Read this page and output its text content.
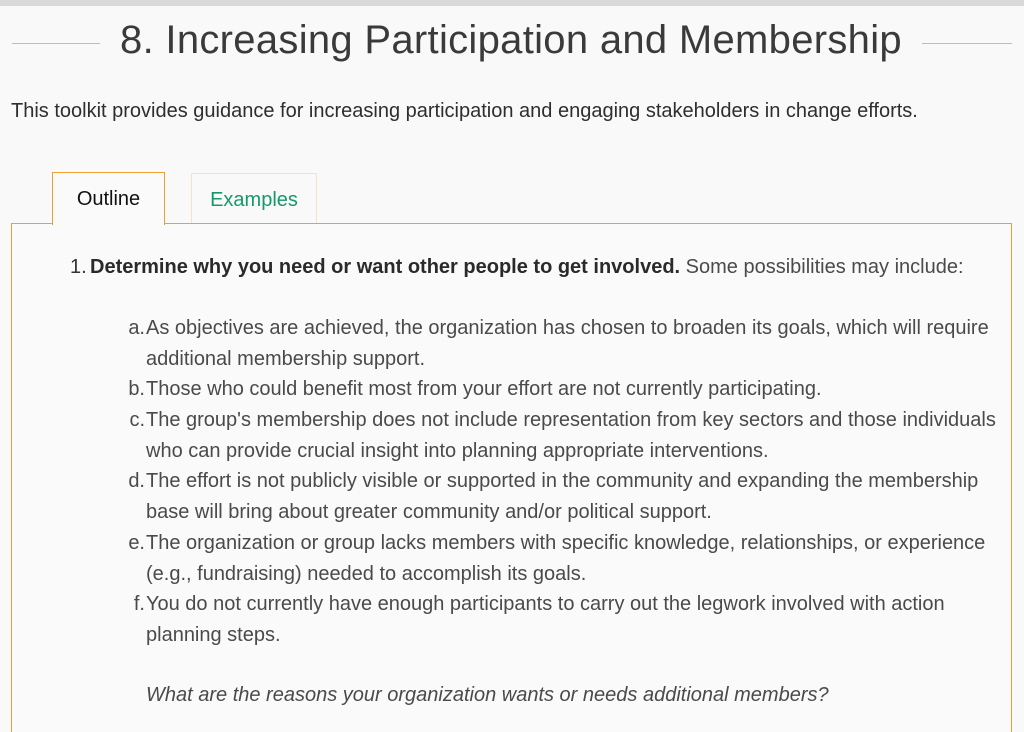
8. Increasing Participation and Membership

This toolkit provides guidance for increasing participation and engaging stakeholders in change efforts.

Outline	Examples
1. Determine why you need or want other people to get involved. Some possibilities may include:
a. As objectives are achieved, the organization has chosen to broaden its goals, which will require additional membership support.
b. Those who could benefit most from your effort are not currently participating.
c. The group's membership does not include representation from key sectors and those individuals who can provide crucial insight into planning appropriate interventions.
d. The effort is not publicly visible or supported in the community and expanding the membership base will bring about greater community and/or political support.
e. The organization or group lacks members with specific knowledge, relationships, or experience (e.g., fundraising) needed to accomplish its goals.
f. You do not currently have enough participants to carry out the legwork involved with action planning steps.
What are the reasons your organization wants or needs additional members?
